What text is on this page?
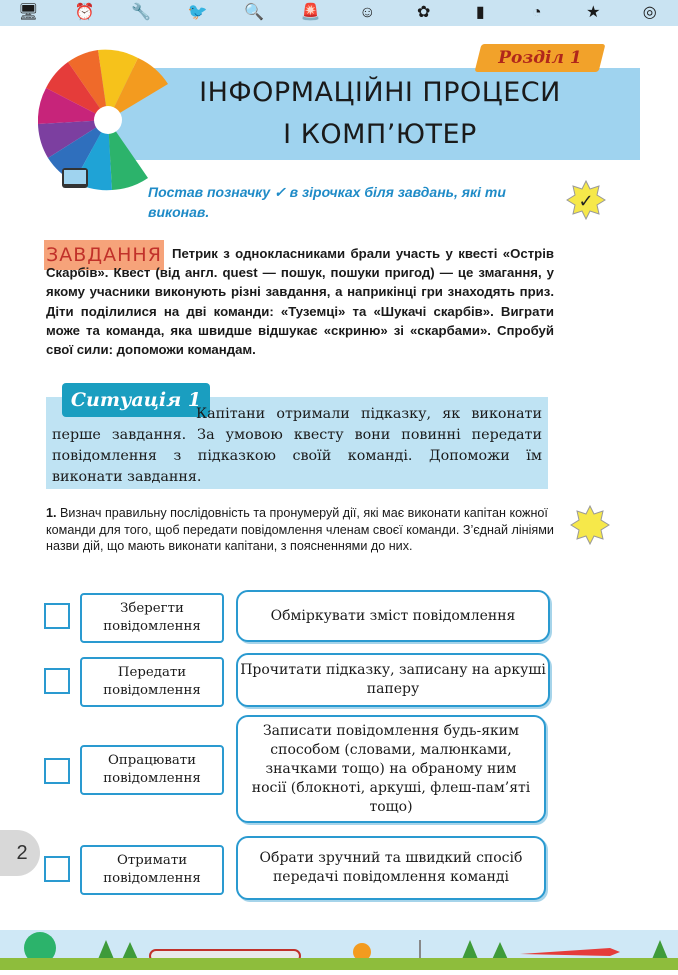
🖥 ⏰ 🔧 🐦 🔍 🚨 ☺	✿	▮	◔	★	◎
Розділ 1
ІНФОРМАЦІЙНІ ПРОЦЕСИ
І КОМП’ЮТЕР
Постав позначку ✓ в зірочках біля завдань, які ти виконав.	✓
ЗАВДАННЯ Петрик з однокласниками брали участь у квесті «Острів Скарбів». Квест (від англ. quest — пошук, пошуки пригод) — це змагання, у якому учасники виконують різні завдання, а наприкінці гри знаходять приз. Діти поділилися на дві команди: «Туземці» та «Шукачі скарбів». Виграти може та команда, яка швидше відшукає «скриню» зі «скарбами». Спробуй свої сили: допоможи командам.
Ситуація 1
Капітани отримали підказку, як виконати перше завдання. За умовою квесту вони повинні передати повідомлення з підказкою своїй команді. Допоможи їм виконати завдання.
1. Визнач правильну послідовність та пронумеруй дії, які має виконати капітан кожної команди для того, щоб передати повідомлення членам своєї команди. З’єднай лініями назви дій, що мають виконати капітани, з поясненнями до них.
Зберегти повідомлення
Обміркувати зміст повідомлення
Передати повідомлення
Прочитати підказку, записану на аркуші паперу
Опрацювати повідомлення
Записати повідомлення будь-яким способом (словами, малюнками, значками тощо) на обраному ним носії (блокноті, аркуші, флеш-пам’яті тощо)
Отримати повідомлення
Обрати зручний та швидкий спосіб передачі повідомлення команді
2
